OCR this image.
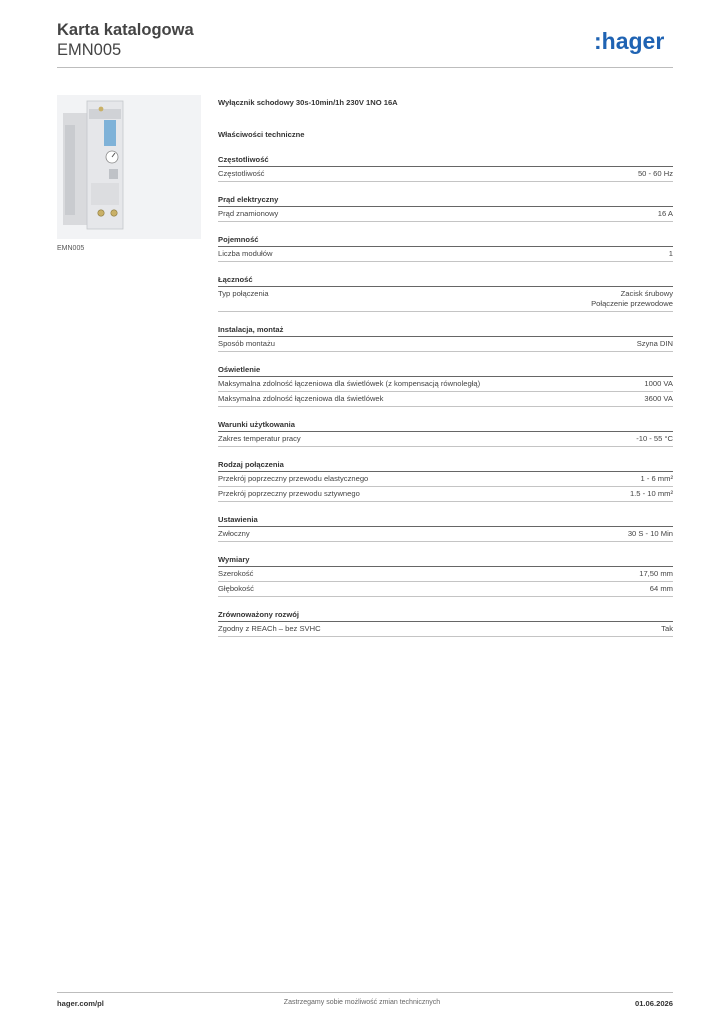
Karta katalogowa
EMN005	:hager
EMN005
Wyłącznik schodowy 30s-10min/1h 230V 1NO 16A
Właściwości techniczne
Częstotliwość
Częstotliwość	50 - 60 Hz
Prąd elektryczny
Prąd znamionowy	16 A
Pojemność
Liczba modułów	1
Łączność
Typ połączenia	Zacisk śrubowy
Połączenie przewodowe
Instalacja, montaż
Sposób montażu	Szyna DIN
Oświetlenie
Maksymalna zdolność łączeniowa dla świetlówek (z kompensacją równoległą)	1000 VA
Maksymalna zdolność łączeniowa dla świetlówek	3600 VA
Warunki użytkowania
Zakres temperatur pracy	-10 - 55 °C
Rodzaj połączenia
Przekrój poprzeczny przewodu elastycznego	1 - 6 mm²
Przekrój poprzeczny przewodu sztywnego	1.5 - 10 mm²
Ustawienia
Zwłoczny	30 S - 10 Min
Wymiary
Szerokość	17,50 mm
Głębokość	64 mm
Zrównoważony rozwój
Zgodny z REACh – bez SVHC	Tak
hager.com/pl	Zastrzegamy sobie możliwość zmian technicznych	01.06.2026
